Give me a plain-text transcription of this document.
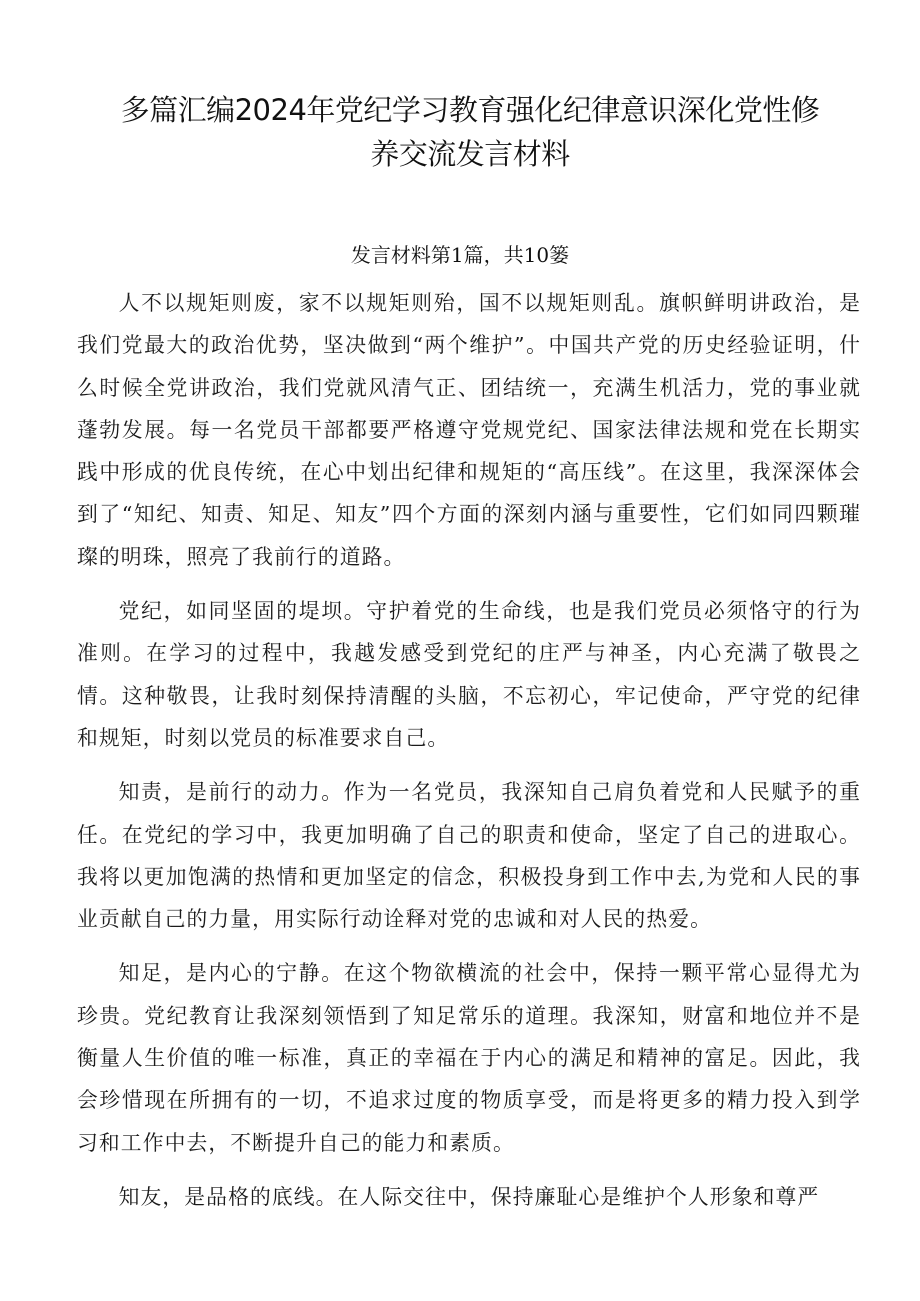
多篇汇编2024年党纪学习教育强化纪律意识深化党性修养交流发言材料
发言材料第1篇，共10篓

人不以规矩则废，家不以规矩则殆，国不以规矩则乱。旗帜鲜明讲政治，是我们党最大的政治优势，坚决做到“两个维护”。中国共产党的历史经验证明，什么时候全党讲政治，我们党就风清气正、团结统一，充满生机活力，党的事业就蓬勃发展。每一名党员干部都要严格遵守党规党纪、国家法律法规和党在长期实践中形成的优良传统，在心中划出纪律和规矩的“高压线”。在这里，我深深体会到了“知纪、知责、知足、知友”四个方面的深刻内涵与重要性，它们如同四颗璀璨的明珠，照亮了我前行的道路。

党纪，如同坚固的堤坝。守护着党的生命线，也是我们党员必须恪守的行为准则。在学习的过程中，我越发感受到党纪的庄严与神圣，内心充满了敬畏之情。这种敬畏，让我时刻保持清醒的头脑，不忘初心，牢记使命，严守党的纪律和规矩，时刻以党员的标准要求自己。

知责，是前行的动力。作为一名党员，我深知自己肩负着党和人民赋予的重任。在党纪的学习中，我更加明确了自己的职责和使命，坚定了自己的进取心。我将以更加饱满的热情和更加坚定的信念，积极投身到工作中去,为党和人民的事业贡献自己的力量，用实际行动诠释对党的忠诚和对人民的热爱。

知足，是内心的宁静。在这个物欲横流的社会中，保持一颗平常心显得尤为珍贵。党纪教育让我深刻领悟到了知足常乐的道理。我深知，财富和地位并不是衡量人生价值的唯一标准，真正的幸福在于内心的满足和精神的富足。因此，我会珍惜现在所拥有的一切，不追求过度的物质享受，而是将更多的精力投入到学习和工作中去，不断提升自己的能力和素质。

知友，是品格的底线。在人际交往中，保持廉耻心是维护个人形象和尊严
